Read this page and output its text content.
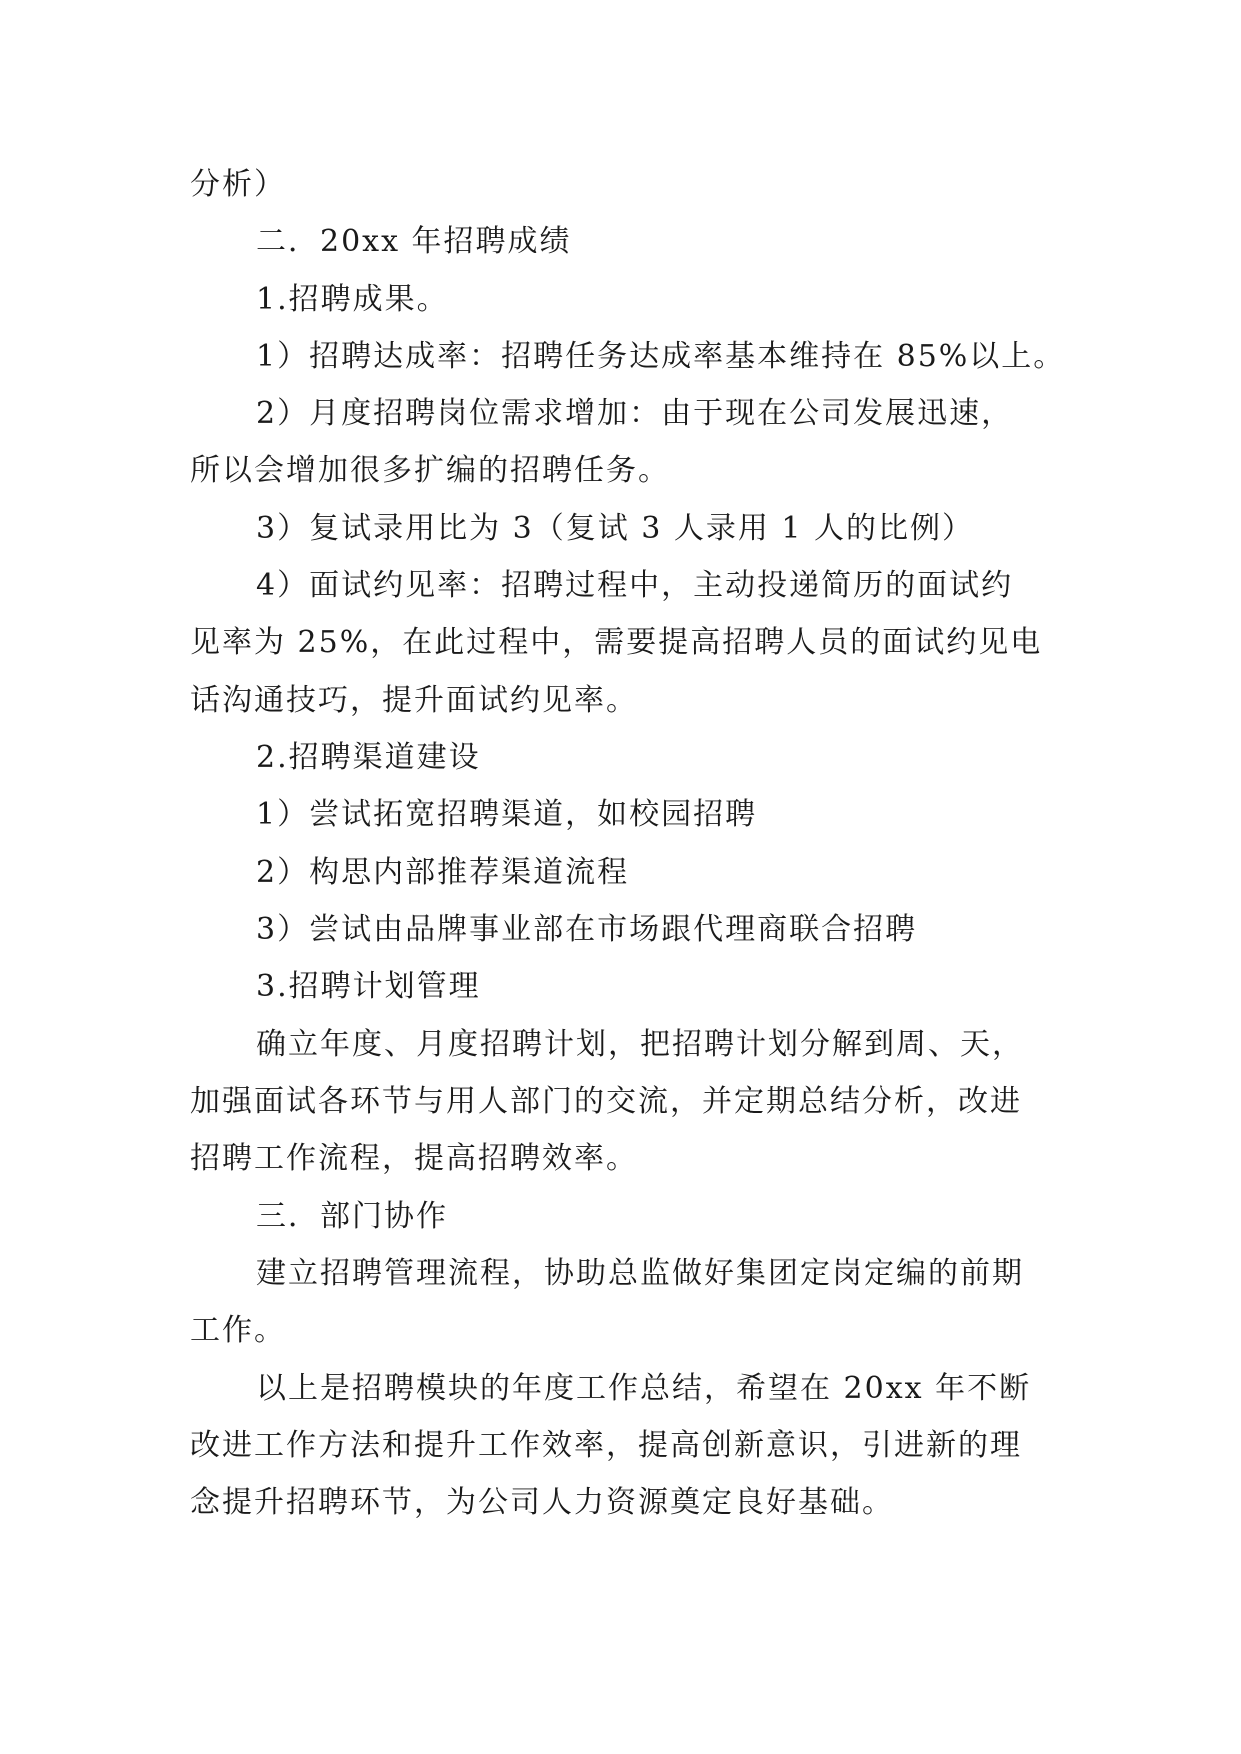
分析）
二．20xx 年招聘成绩
1.招聘成果。
1）招聘达成率：招聘任务达成率基本维持在 85%以上。
2）月度招聘岗位需求增加：由于现在公司发展迅速，
所以会增加很多扩编的招聘任务。
3）复试录用比为 3（复试 3 人录用 1 人的比例）
4）面试约见率：招聘过程中，主动投递简历的面试约
见率为 25%，在此过程中，需要提高招聘人员的面试约见电
话沟通技巧，提升面试约见率。
2.招聘渠道建设
1）尝试拓宽招聘渠道，如校园招聘
2）构思内部推荐渠道流程
3）尝试由品牌事业部在市场跟代理商联合招聘
3.招聘计划管理
确立年度、月度招聘计划，把招聘计划分解到周、天，
加强面试各环节与用人部门的交流，并定期总结分析，改进
招聘工作流程，提高招聘效率。
三．部门协作
建立招聘管理流程，协助总监做好集团定岗定编的前期
工作。
以上是招聘模块的年度工作总结，希望在 20xx 年不断
改进工作方法和提升工作效率，提高创新意识，引进新的理
念提升招聘环节，为公司人力资源奠定良好基础。
